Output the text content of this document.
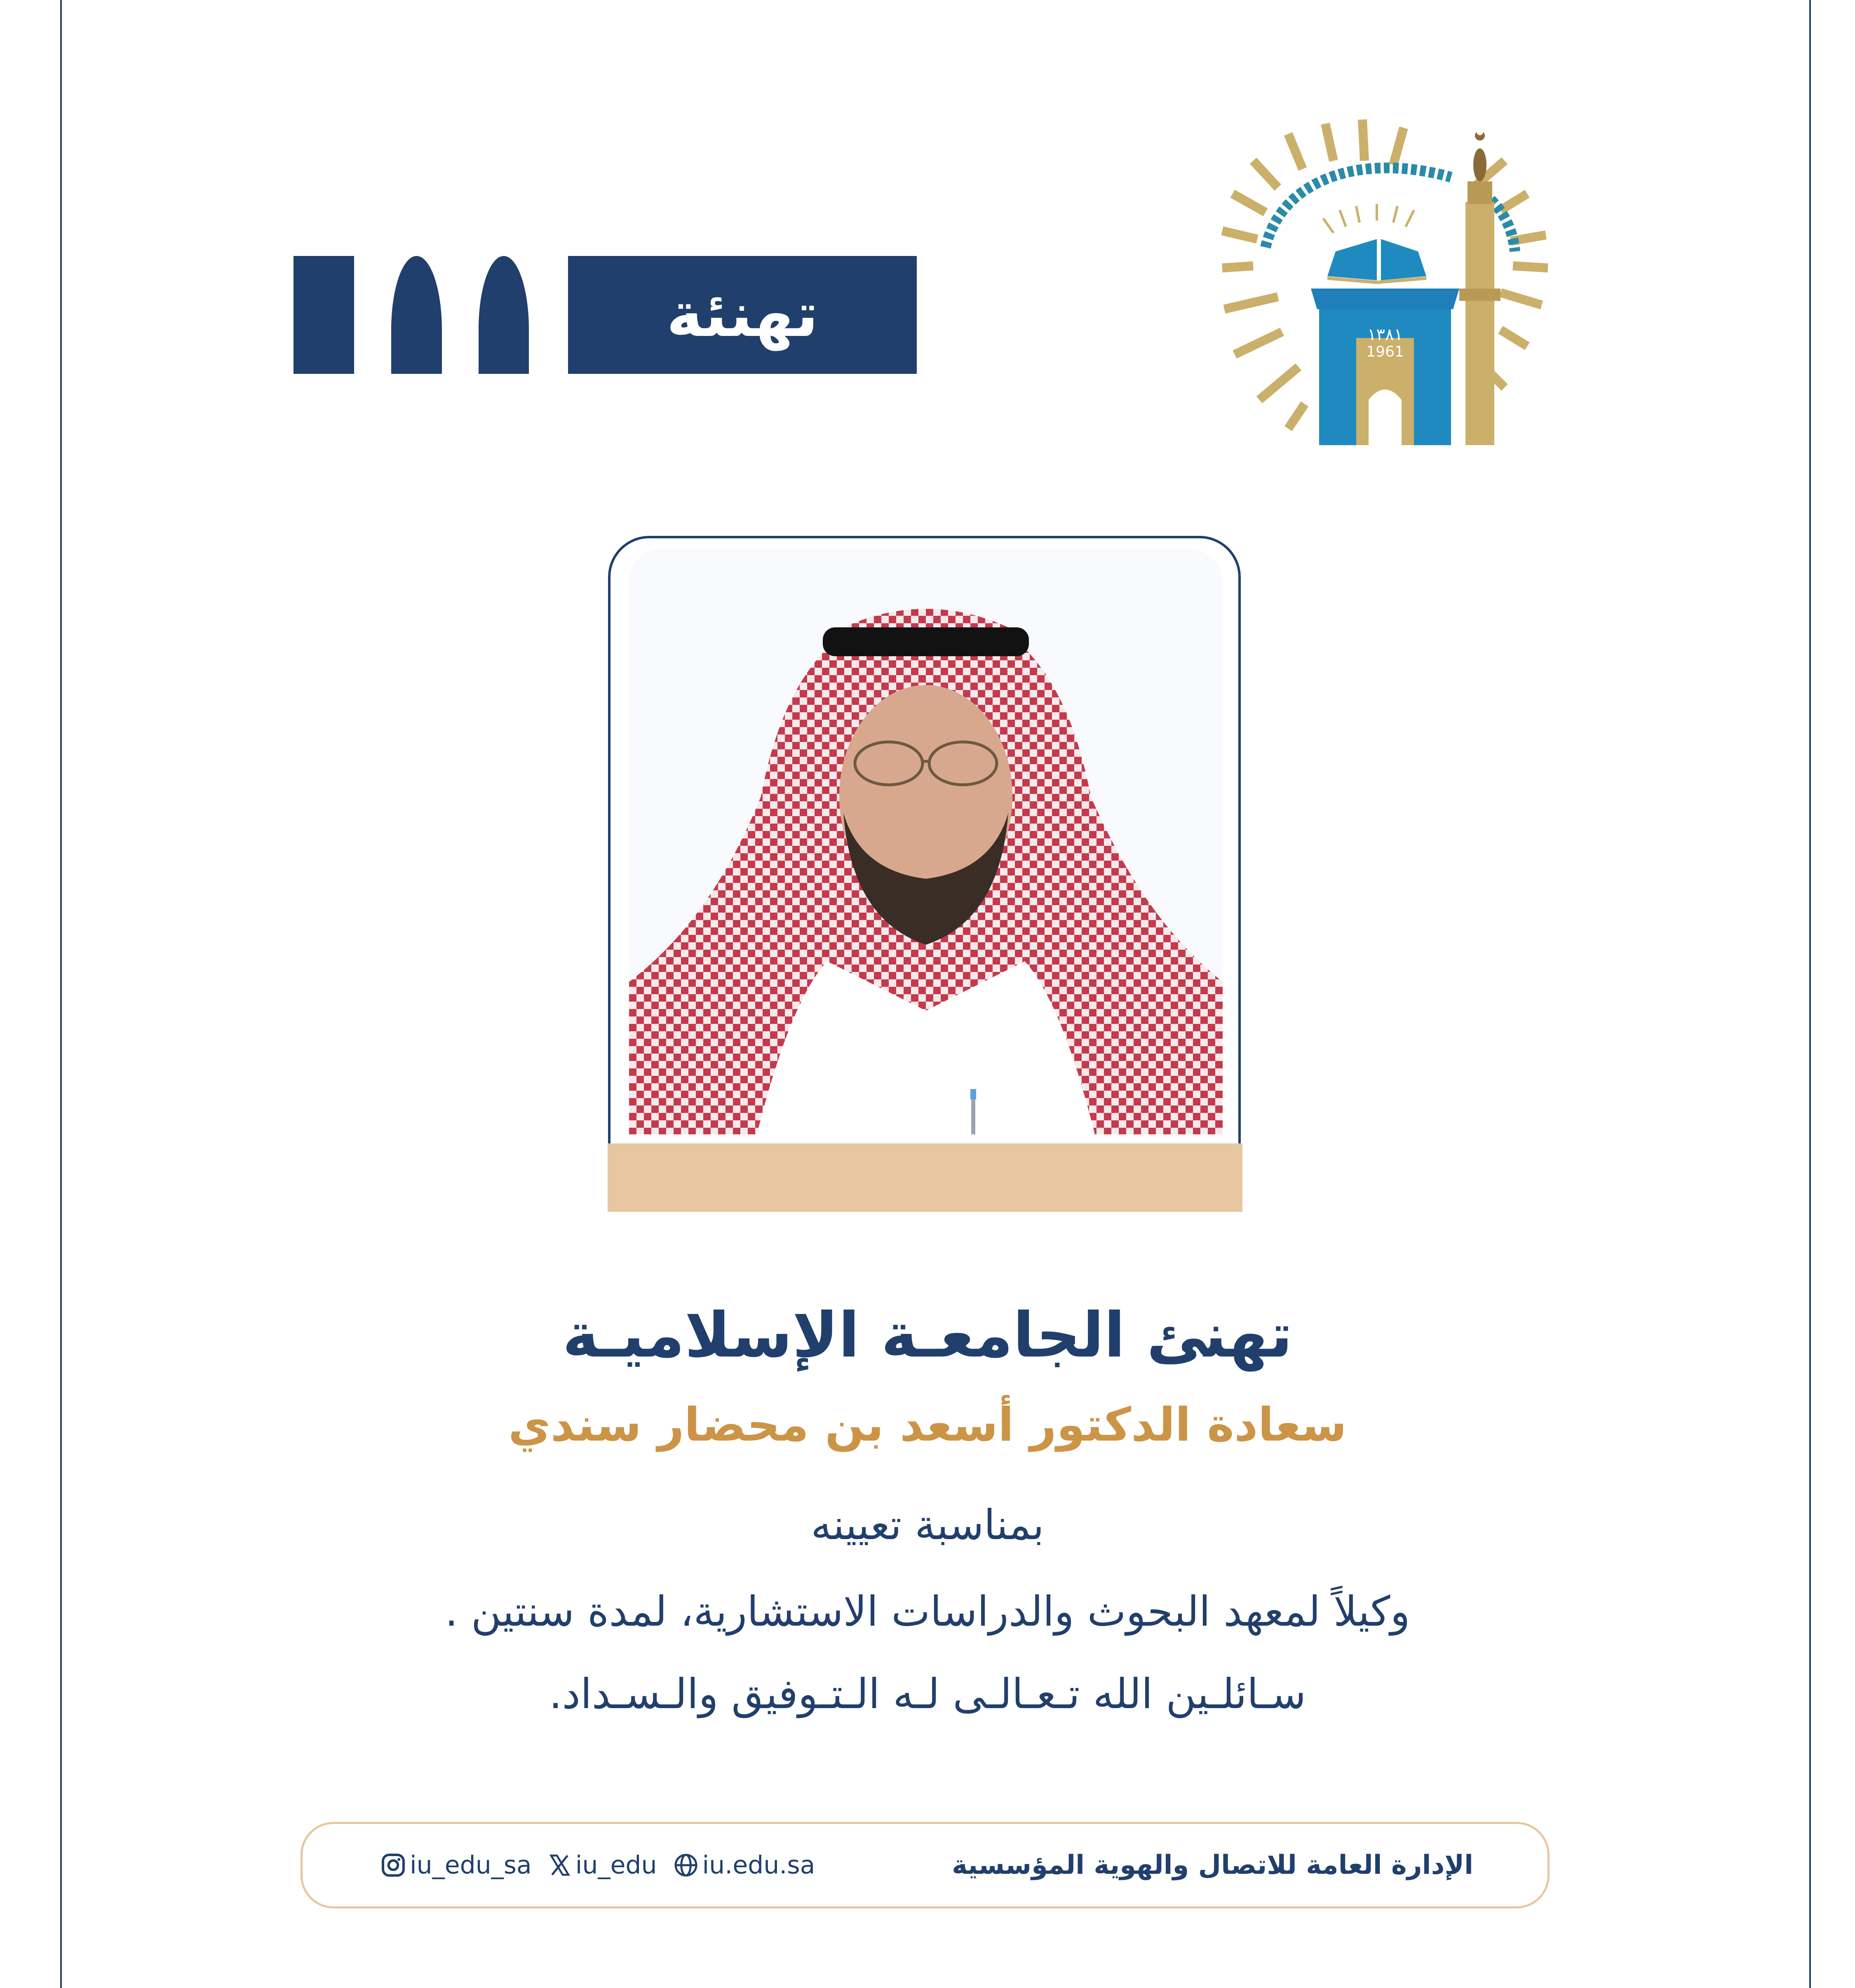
تهنئة	١٣٨١
1961
تهنئ الجامعـة الإسلاميـة
سعادة الدكتور أسعد بن محضار سندي
بمناسبة تعيينه
وكيلاً لمعهد البحوث والدراسات الاستشارية، لمدة سنتين .
سـائلـين الله تـعـالـى لـه الـتـوفيق والـسـداد.
iu_edu_sa iu_edu iu.edu.sa	الإدارة العامة للاتصال والهوية المؤسسية
